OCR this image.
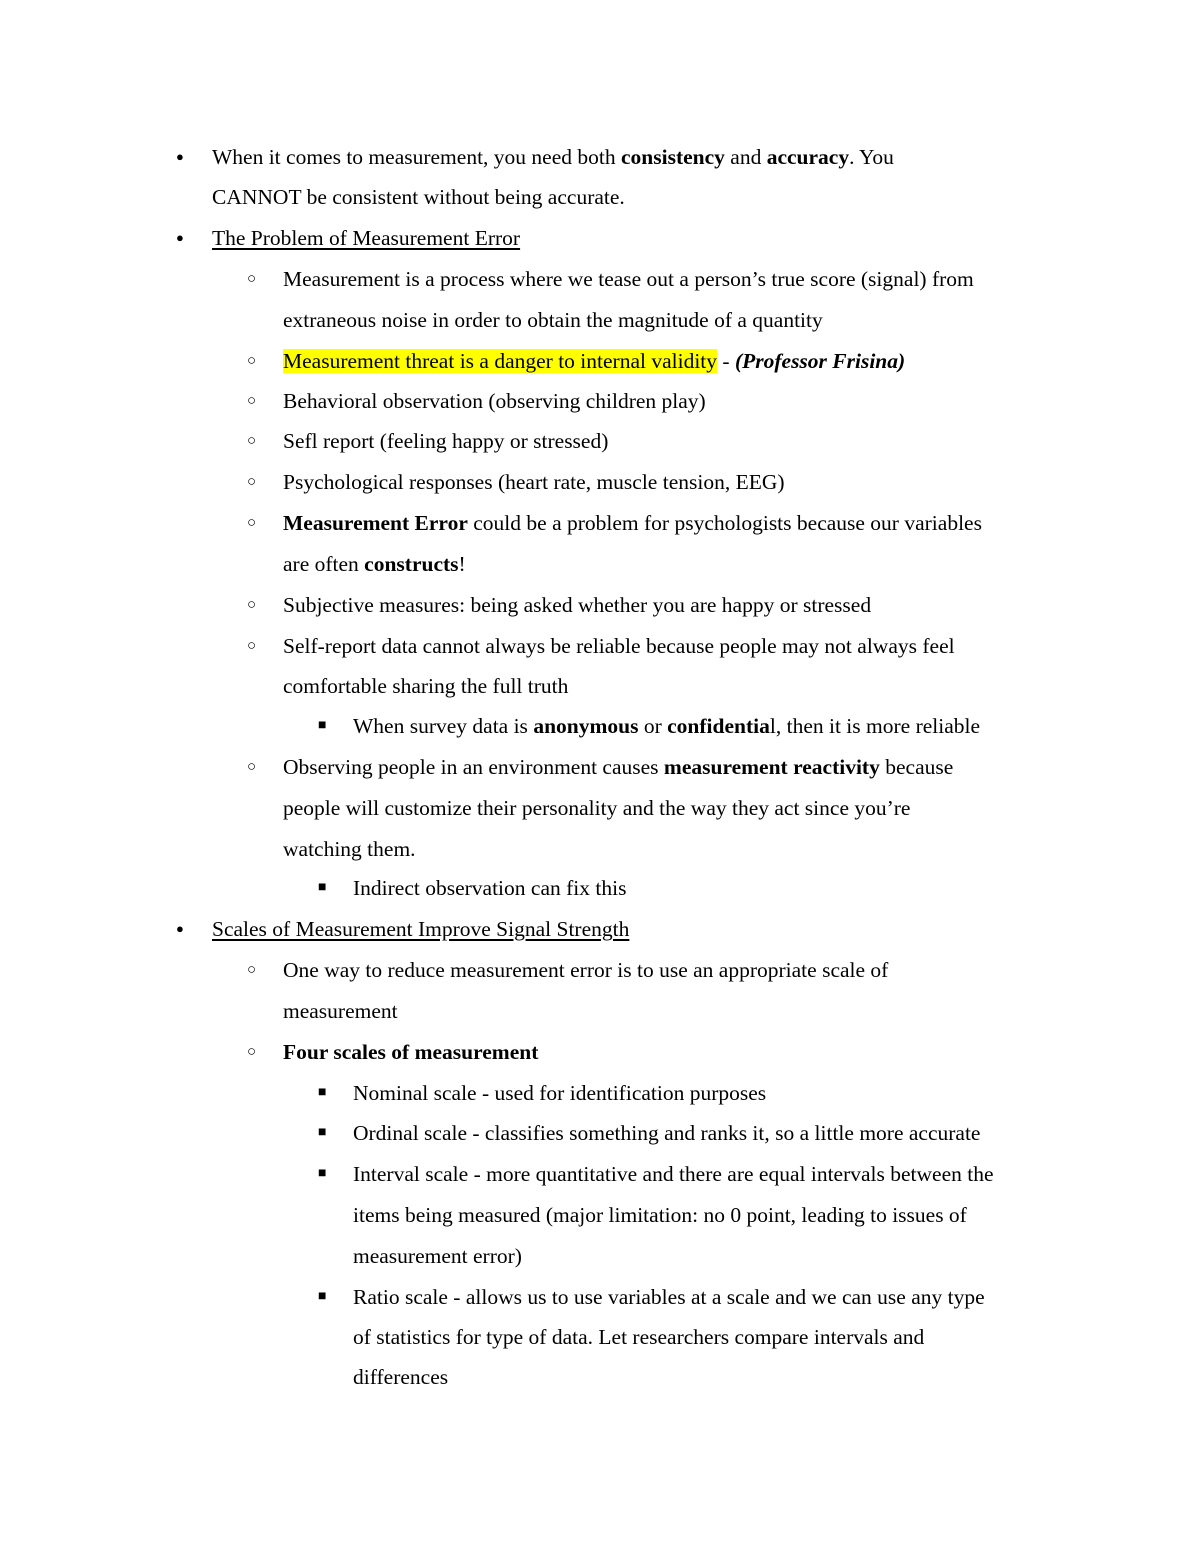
● When it comes to measurement, you need both consistency and accuracy. You
CANNOT be consistent without being accurate.
● The Problem of Measurement Error
○ Measurement is a process where we tease out a person’s true score (signal) from
extraneous noise in order to obtain the magnitude of a quantity
○ Measurement threat is a danger to internal validity - (Professor Frisina)
○ Behavioral observation (observing children play)
○ Sefl report (feeling happy or stressed)
○ Psychological responses (heart rate, muscle tension, EEG)
○ Measurement Error could be a problem for psychologists because our variables
are often constructs!
○ Subjective measures: being asked whether you are happy or stressed
○ Self-report data cannot always be reliable because people may not always feel
comfortable sharing the full truth
■ When survey data is anonymous or confidential, then it is more reliable
○ Observing people in an environment causes measurement reactivity because
people will customize their personality and the way they act since you’re
watching them.
■ Indirect observation can fix this
● Scales of Measurement Improve Signal Strength
○ One way to reduce measurement error is to use an appropriate scale of
measurement
○ Four scales of measurement
■ Nominal scale - used for identification purposes
■ Ordinal scale - classifies something and ranks it, so a little more accurate
■ Interval scale - more quantitative and there are equal intervals between the
items being measured (major limitation: no 0 point, leading to issues of
measurement error)
■ Ratio scale - allows us to use variables at a scale and we can use any type
of statistics for type of data. Let researchers compare intervals and
differences
